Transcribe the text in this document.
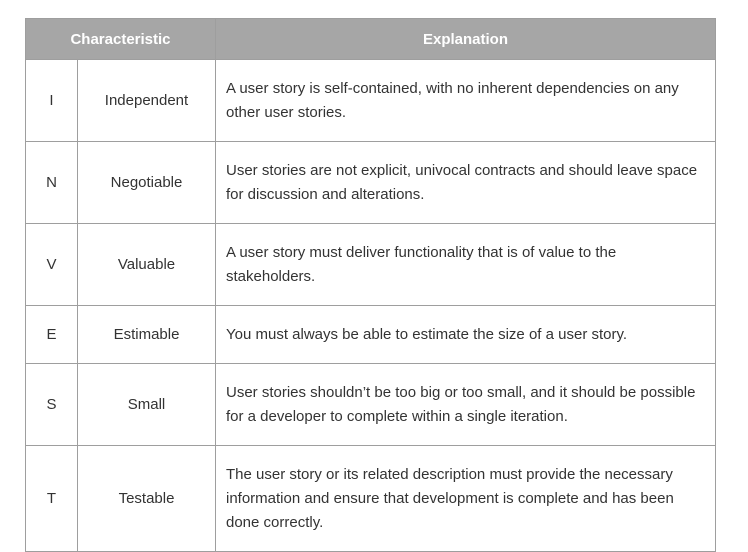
Characteristic		Explanation
I	Independent	A user story is self-contained, with no inherent dependencies on any other user stories.
N	Negotiable	User stories are not explicit, univocal contracts and should leave space for discussion and alterations.
V	Valuable	A user story must deliver functionality that is of value to the stakeholders.
E	Estimable	You must always be able to estimate the size of a user story.
S	Small	User stories shouldn’t be too big or too small, and it should be possible for a developer to complete within a single iteration.
T	Testable	The user story or its related description must provide the necessary information and ensure that development is complete and has been done correctly.
